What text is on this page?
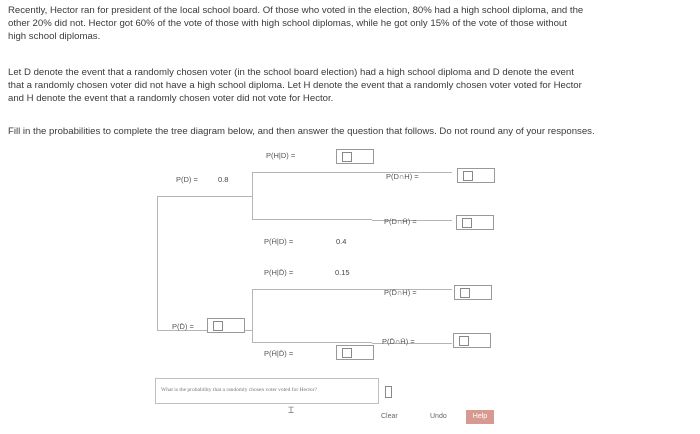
Recently, Hector ran for president of the local school board. Of those who voted in the election, 80% had a high school diploma, and the

other 20% did not. Hector got 60% of the vote of those with high school diplomas, while he got only 15% of the vote of those without

high school diplomas.

Let D denote the event that a randomly chosen voter (in the school board election) had a high school diploma and D denote the event

that a randomly chosen voter did not have a high school diploma. Let H denote the event that a randomly chosen voter voted for Hector

and H denote the event that a randomly chosen voter did not vote for Hector.

Fill in the probabilities to complete the tree diagram below, and then answer the question that follows. Do not round any of your responses.

P(H|D) =
P(D) =	0.8	P(D∩H) =
P(D∩H̄) =
P(H̄|D) =	0.4
P(H|D̄) =	0.15
P(D̄∩H) =
P(D̄) =
P(D̄∩H̄) =
P(H̄|D̄) =
What is the probability that a randomly chosen voter voted for Hector?
⌶
Clear	Undo	Help
